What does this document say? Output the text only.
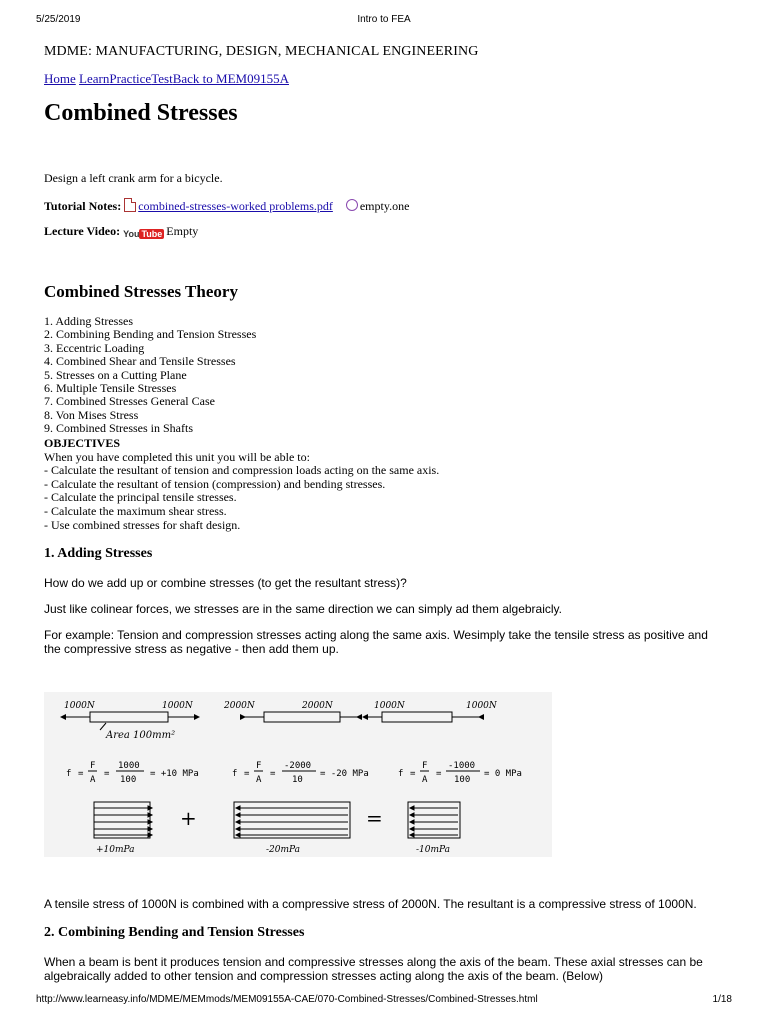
5/25/2019	Intro to FEA
MDME: MANUFACTURING, DESIGN, MECHANICAL ENGINEERING
Home LearnPracticeTestBack to MEM09155A
Combined Stresses
Design a left crank arm for a bicycle.
Tutorial Notes: combined-stresses-worked problems.pdf empty.one
Lecture Video: You Tube Empty
Combined Stresses Theory
1. Adding Stresses
2. Combining Bending and Tension Stresses
3. Eccentric Loading
4. Combined Shear and Tensile Stresses
5. Stresses on a Cutting Plane
6. Multiple Tensile Stresses
7. Combined Stresses General Case
8. Von Mises Stress
9. Combined Stresses in Shafts
OBJECTIVES
When you have completed this unit you will be able to:
- Calculate the resultant of tension and compression loads acting on the same axis.
- Calculate the resultant of tension (compression) and bending stresses.
- Calculate the principal tensile stresses.
- Calculate the maximum shear stress.
- Use combined stresses for shaft design.
1. Adding Stresses
How do we add up or combine stresses (to get the resultant stress)?
Just like colinear forces, we stresses are in the same direction we can simply ad them algebraicly.
For example: Tension and compression stresses acting along the same axis. Wesimply take the tensile stress as positive and the compressive stress as negative - then add them up.
1000N	1000N
Area 100mm²
2000N	2000N	1000N	1000N
f =
F
A
=
1000
100
= +10 MPa	f =
F
A
=
-2000
10
= -20 MPa	f =
F
A
=
-1000
100
= 0 MPa
+	=
+10mPa	-20mPa	-10mPa
A tensile stress of 1000N is combined with a compressive stress of 2000N. The resultant is a compressive stress of 1000N.
2. Combining Bending and Tension Stresses
When a beam is bent it produces tension and compressive stresses along the axis of the beam. These axial stresses can be algebraically added to other tension and compression stresses acting along the axis of the beam. (Below)
http://www.learneasy.info/MDME/MEMmods/MEM09155A-CAE/070-Combined-Stresses/Combined-Stresses.html	1/18
